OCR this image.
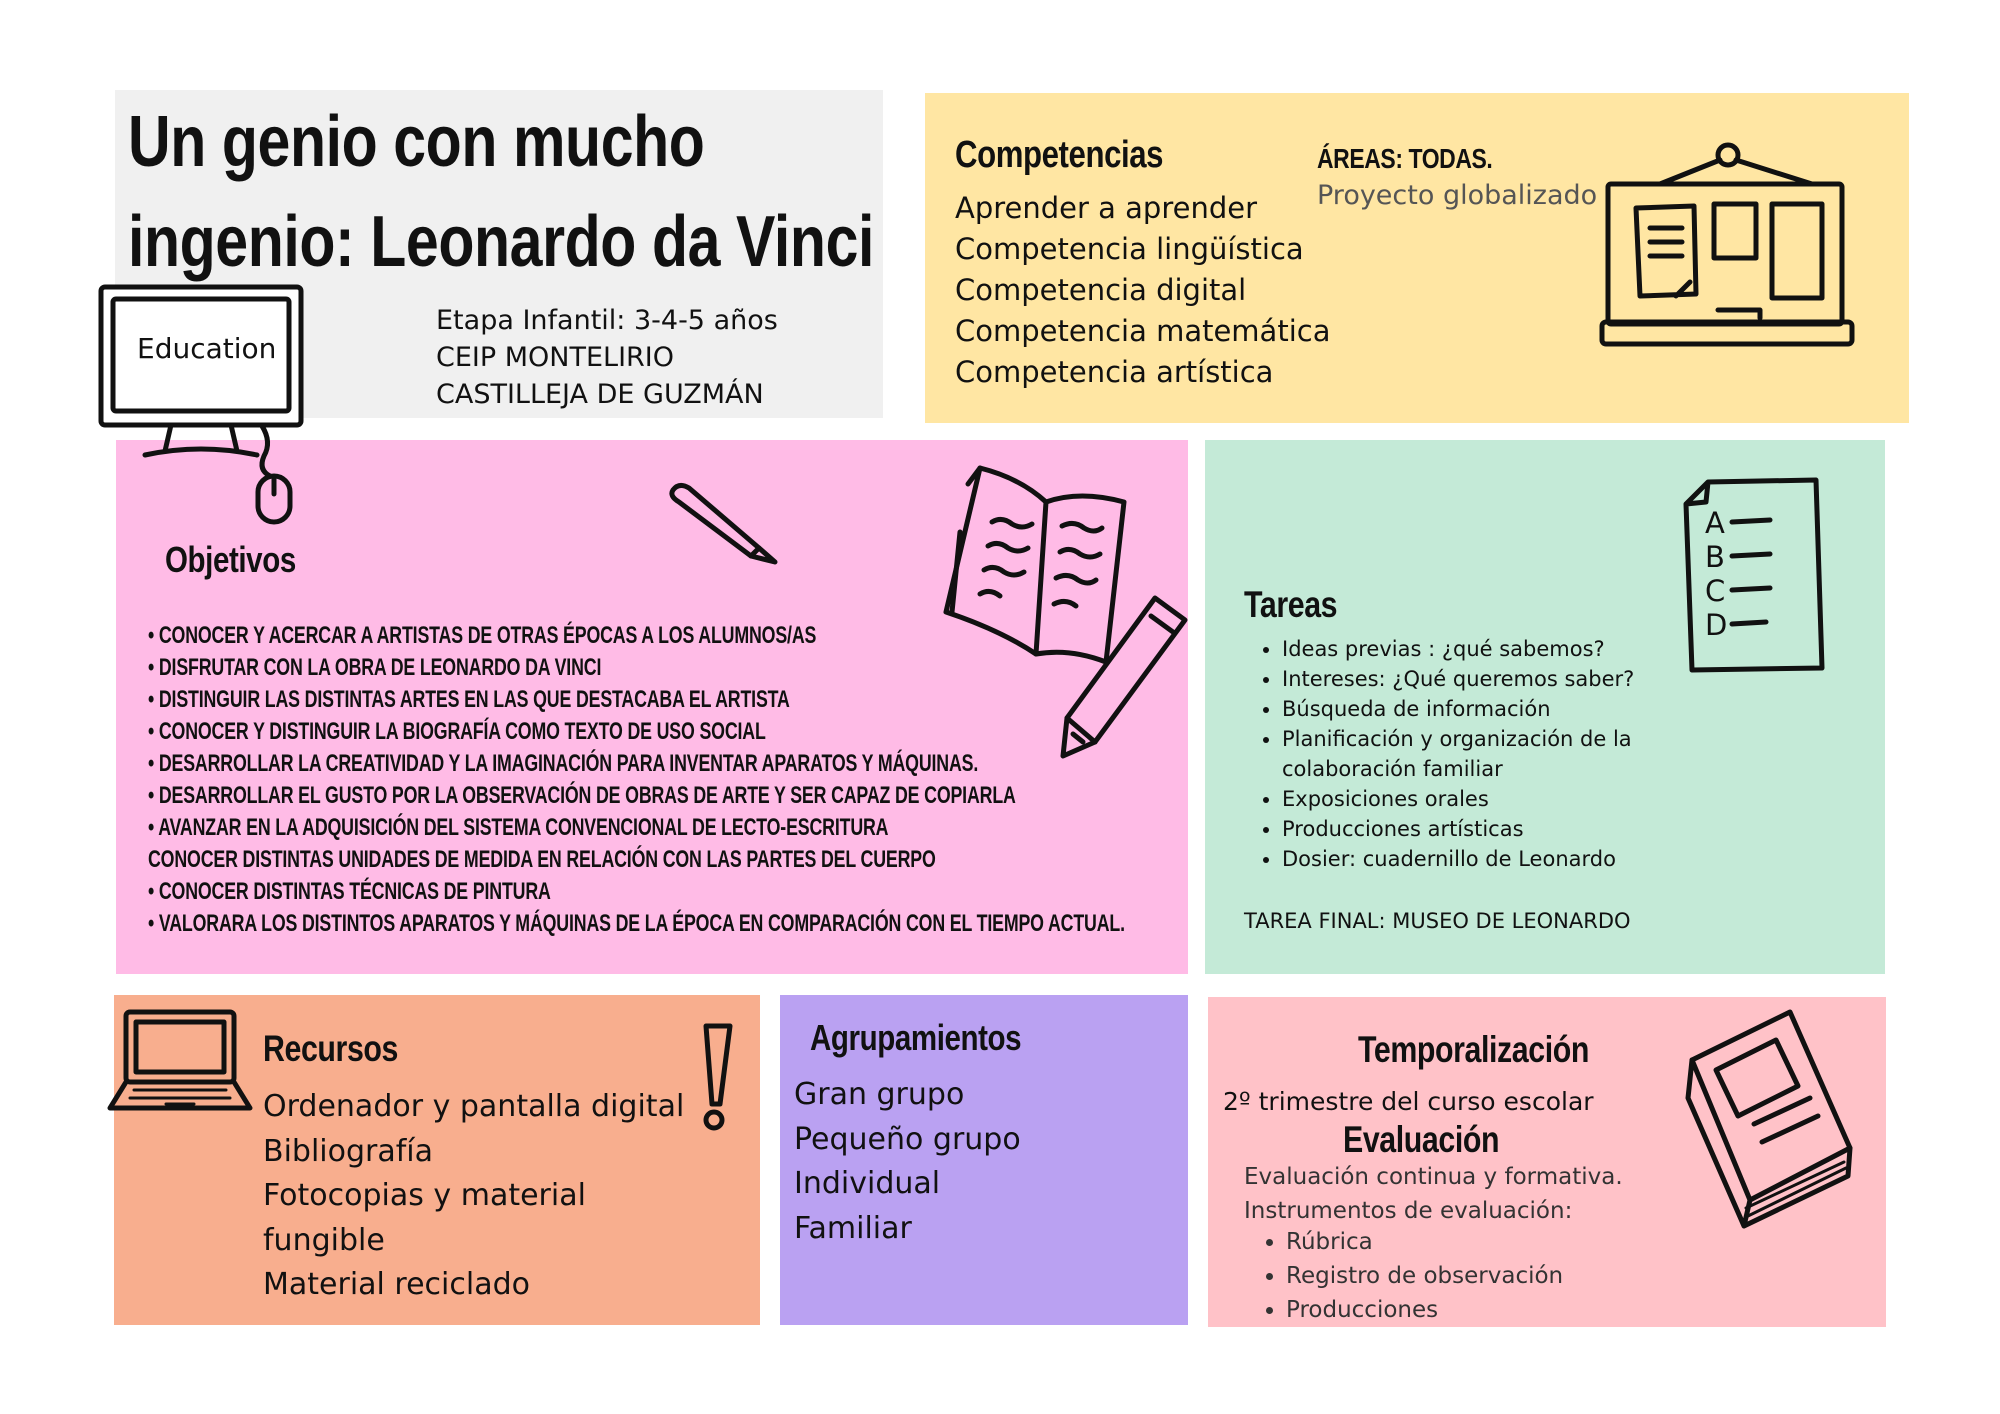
Un genio con mucho
ingenio: Leonardo da Vinci
Etapa Infantil: 3-4-5 años
CEIP MONTELIRIO
CASTILLEJA DE GUZMÁN
Competencias
Aprender a aprender
Competencia lingüística
Competencia digital
Competencia matemática
Competencia artística
ÁREAS: TODAS.
Proyecto globalizado
Objetivos
• CONOCER Y ACERCAR A ARTISTAS DE OTRAS ÉPOCAS A LOS ALUMNOS/AS
• DISFRUTAR CON LA OBRA DE LEONARDO DA VINCI
• DISTINGUIR LAS DISTINTAS ARTES EN LAS QUE DESTACABA EL ARTISTA
• CONOCER Y DISTINGUIR LA BIOGRAFÍA COMO TEXTO DE USO SOCIAL
• DESARROLLAR LA CREATIVIDAD Y LA IMAGINACIÓN PARA INVENTAR APARATOS Y MÁQUINAS.
• DESARROLLAR EL GUSTO POR LA OBSERVACIÓN DE OBRAS DE ARTE Y SER CAPAZ DE COPIARLA
• AVANZAR EN LA ADQUISICIÓN DEL SISTEMA CONVENCIONAL DE LECTO-ESCRITURA
CONOCER DISTINTAS UNIDADES DE MEDIDA EN RELACIÓN CON LAS PARTES DEL CUERPO
• CONOCER DISTINTAS TÉCNICAS DE PINTURA
• VALORARA LOS DISTINTOS APARATOS Y MÁQUINAS DE LA ÉPOCA EN COMPARACIÓN CON EL TIEMPO ACTUAL.
Tareas
• Ideas previas : ¿qué sabemos?
• Intereses: ¿Qué queremos saber?
• Búsqueda de información
• Planificación y organización de la colaboración familiar
• Exposiciones orales
• Producciones artísticas
• Dosier: cuadernillo de Leonardo
TAREA FINAL: MUSEO DE LEONARDO
Recursos
Ordenador y pantalla digital
Bibliografía
Fotocopias y material
fungible
Material reciclado
Agrupamientos
Gran grupo
Pequeño grupo
Individual
Familiar
Temporalización
2º trimestre del curso escolar
Evaluación
Evaluación continua y formativa.
Instrumentos de evaluación:
• Rúbrica
• Registro de observación
• Producciones
Education
A
B
C
D
